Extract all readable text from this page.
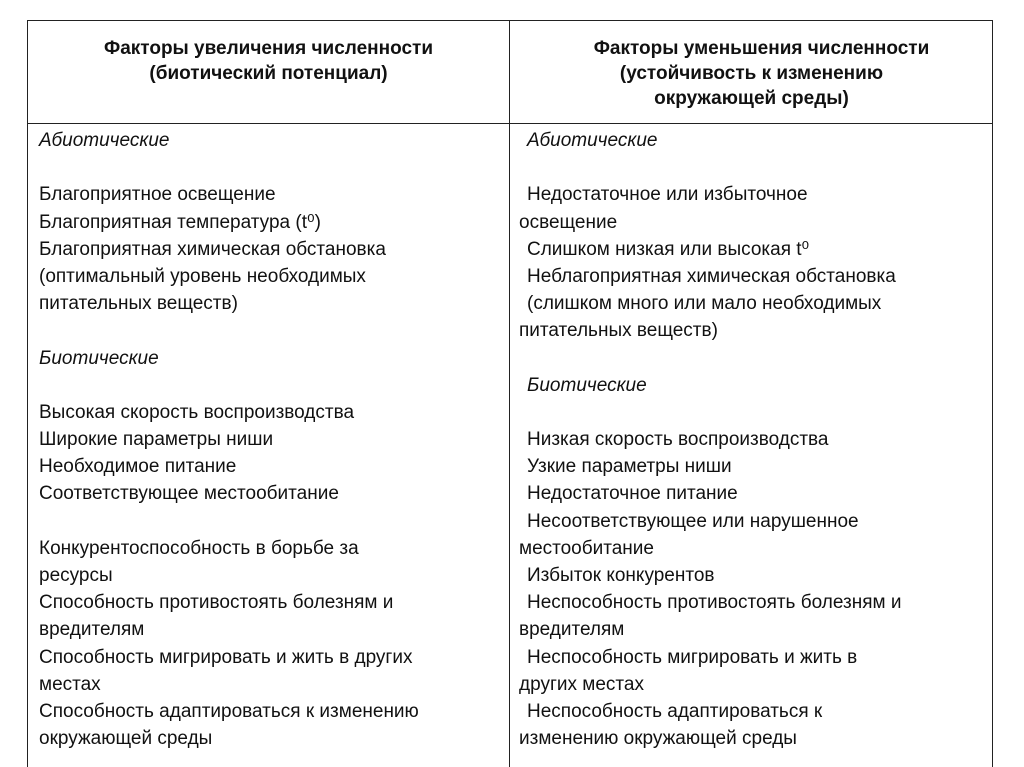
Факторы увеличения численности
(биотический потенциал)
Факторы уменьшения численности
(устойчивость к изменению
окружающей среды)
Абиотические
Благоприятное освещение
Благоприятная температура (t⁰)
Благоприятная химическая обстановка
(оптимальный уровень необходимых
питательных веществ)
Биотические
Высокая скорость воспроизводства
Широкие параметры ниши
Необходимое питание
Соответствующее местообитание
Конкурентоспособность в борьбе за
ресурсы
Способность противостоять болезням и
вредителям
Способность мигрировать и жить в других
местах
Способность адаптироваться к изменению
окружающей среды
Абиотические
Недостаточное или избыточное
освещение
Слишком низкая или высокая t⁰
Неблагоприятная химическая обстановка
(слишком много или мало необходимых
питательных веществ)
Биотические
Низкая скорость воспроизводства
Узкие параметры ниши
Недостаточное питание
Несоответствующее или нарушенное
местообитание
Избыток конкурентов
Неспособность противостоять болезням и
вредителям
Неспособность мигрировать и жить в
других местах
Неспособность адаптироваться к
изменению окружающей среды
